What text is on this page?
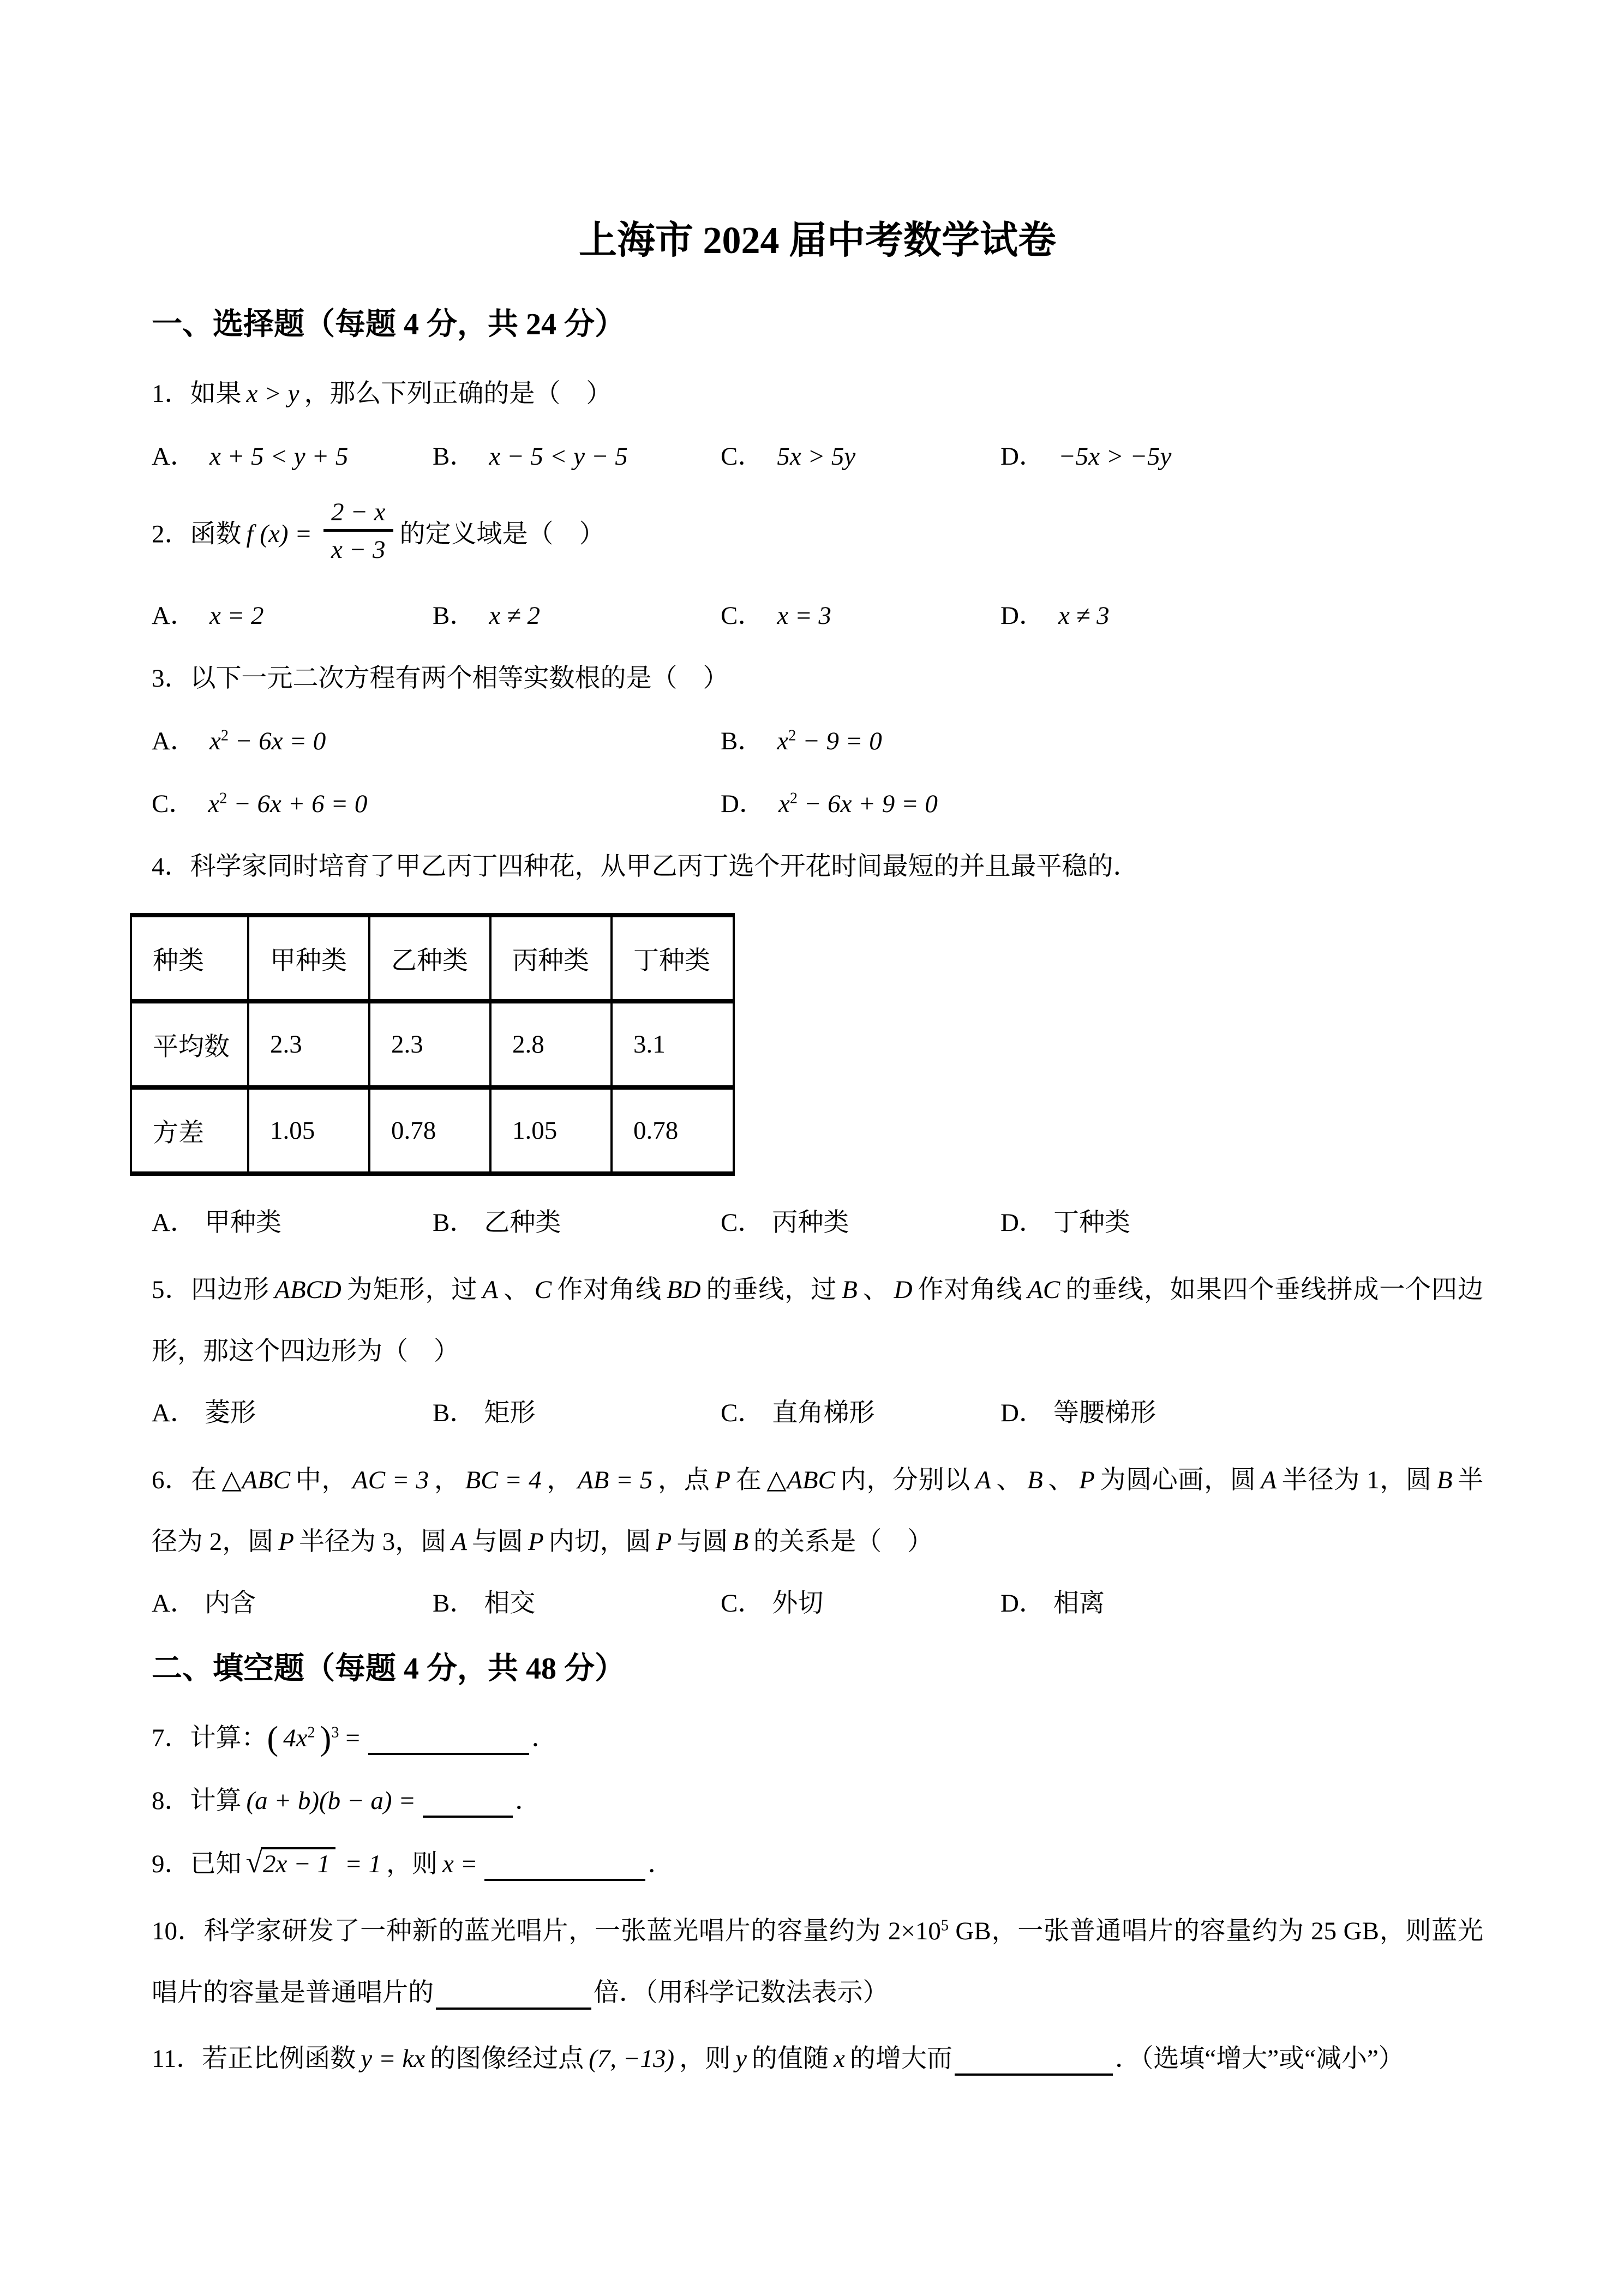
上海市 2024 届中考数学试卷
一、选择题（每题 4 分，共 24 分）
1．如果 x > y ，那么下列正确的是（　）
A． x + 5 < y + 5	B． x − 5 < y − 5	C． 5x > 5y	D． −5x > −5y
2．函数 f $(x) = \frac{2 - x}{x - 3}$ 的定义域是（　）
A． x = 2	B． x ≠ 2	C． x = 3	D． x ≠ 3
3．以下一元二次方程有两个相等实数根的是（　）
A． $x^2 - 6x = 0$	B． $x^2 - 9 = 0$
C． $x^2 - 6x + 6 = 0$	D． $x^2 - 6x + 9 = 0$
4．科学家同时培育了甲乙丙丁四种花，从甲乙丙丁选个开花时间最短的并且最平稳的．
种类	甲种类	乙种类	丙种类	丁种类
平均数	2.3	2.3	2.8	3.1
方差	1.05	0.78	1.05	0.78
A． 甲种类	B． 乙种类	C． 丙种类	D． 丁种类
5．四边形 ABCD 为矩形，过 A 、 C 作对角线 BD 的垂线，过 B 、 D 作对角线 AC 的垂线，如果四个垂线拼成一个四边形，那这个四边形为（　）
A． 菱形	B． 矩形	C． 直角梯形	D． 等腰梯形
6．在 △ABC 中， AC = 3 ， BC = 4 ， AB = 5 ，点 P 在 △ABC 内，分别以 A 、 B 、 P 为圆心画，圆 A 半径为 1，圆 B 半径为 2，圆 P 半径为 3，圆 A 与圆 P 内切，圆 P 与圆 B 的关系是（　）
A． 内含	B． 相交	C． 外切	D． 相离
二、填空题（每题 4 分，共 48 分）
7．计算：( $4x^2$ )$^3$ =	．
8．计算 (a + b)(b − a) =	．
9．已知 √2x − 1 = 1 ，则 x =	．
10．科学家研发了一种新的蓝光唱片，一张蓝光唱片的容量约为 $2\times 10^5$ GB，一张普通唱片的容量约为 25 GB，则蓝光唱片的容量是普通唱片的	倍．（用科学记数法表示）
11．若正比例函数 y = kx 的图像经过点 (7, −13) ，则 y 的值随 x 的增大而	．（选填“增大”或“减小”）
